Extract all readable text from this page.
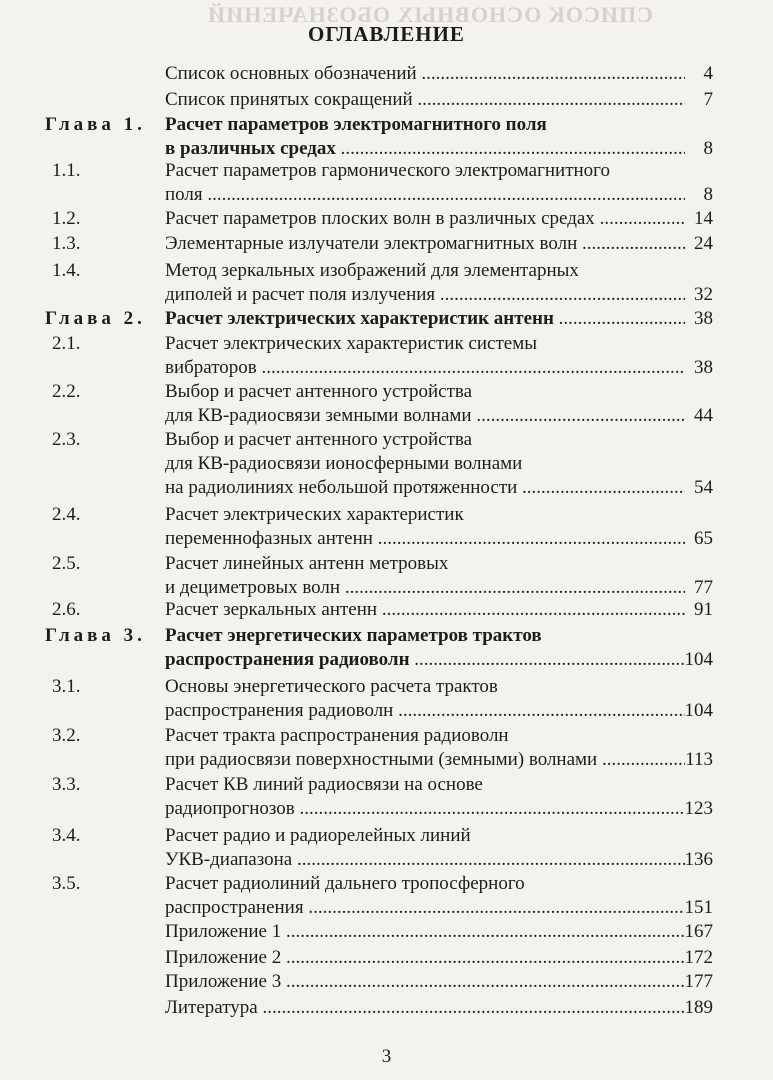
СПИСОК ОСНОВНЫХ ОБОЗНАЧЕНИЙ
ОГЛАВЛЕНИЕ
Список основных обозначений .....	4
Список принятых сокращений .....	7
Глава 1. Расчет параметров электромагнитного поля
в различных средах .....	8
1.1.	Расчет параметров гармонического электромагнитного
поля .....	8
1.2.	Расчет параметров плоских волн в различных средах .....	14
1.3.	Элементарные излучатели электромагнитных волн .....	24
1.4.	Метод зеркальных изображений для элементарных
диполей и расчет поля излучения .....	32
Глава 2. Расчет электрических характеристик антенн .....	38
2.1.	Расчет электрических характеристик системы
вибраторов .....	38
2.2.	Выбор и расчет антенного устройства
для КВ-радиосвязи земными волнами .....	44
2.3.	Выбор и расчет антенного устройства
для КВ-радиосвязи ионосферными волнами
на радиолиниях небольшой протяженности .....	54
2.4.	Расчет электрических характеристик
переменнофазных антенн .....	65
2.5.	Расчет линейных антенн метровых
и дециметровых волн .....	77
2.6.	Расчет зеркальных антенн .....	91
Глава 3. Расчет энергетических параметров трактов
распространения радиоволн .....	104
3.1.	Основы энергетического расчета трактов
распространения радиоволн .....	104
3.2.	Расчет тракта распространения радиоволн
при радиосвязи поверхностными (земными) волнами .....	113
3.3.	Расчет КВ линий радиосвязи на основе
радиопрогнозов .....	123
3.4.	Расчет радио и радиорелейных линий
УКВ-диапазона .....	136
3.5.	Расчет радиолиний дальнего тропосферного
распространения .....	151
Приложение 1 .....	167
Приложение 2 .....	172
Приложение 3 .....	177
Литература .....	189
3
